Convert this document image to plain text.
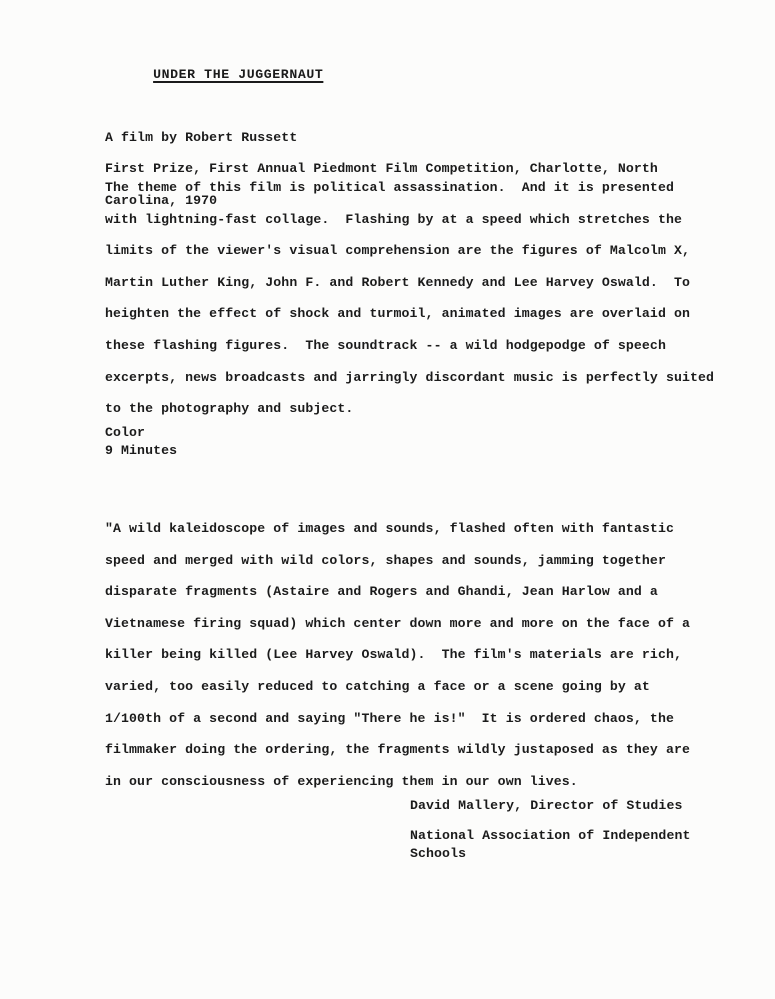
UNDER THE JUGGERNAUT

A film by Robert Russett
First Prize, First Annual Piedmont Film Competition, Charlotte, North
Carolina, 1970
The theme of this film is political assassination.  And it is presented
with lightning-fast collage.  Flashing by at a speed which stretches the
limits of the viewer's visual comprehension are the figures of Malcolm X,
Martin Luther King, John F. and Robert Kennedy and Lee Harvey Oswald.  To
heighten the effect of shock and turmoil, animated images are overlaid on
these flashing figures.  The soundtrack -- a wild hodgepodge of speech
excerpts, news broadcasts and jarringly discordant music is perfectly suited
to the photography and subject.
Color
9 Minutes
"A wild kaleidoscope of images and sounds, flashed often with fantastic
speed and merged with wild colors, shapes and sounds, jamming together
disparate fragments (Astaire and Rogers and Ghandi, Jean Harlow and a
Vietnamese firing squad) which center down more and more on the face of a
killer being killed (Lee Harvey Oswald).  The film's materials are rich,
varied, too easily reduced to catching a face or a scene going by at
1/100th of a second and saying "There he is!"  It is ordered chaos, the
filmmaker doing the ordering, the fragments wildly justaposed as they are
in our consciousness of experiencing them in our own lives.
David Mallery, Director of Studies
National Association of Independent
Schools
